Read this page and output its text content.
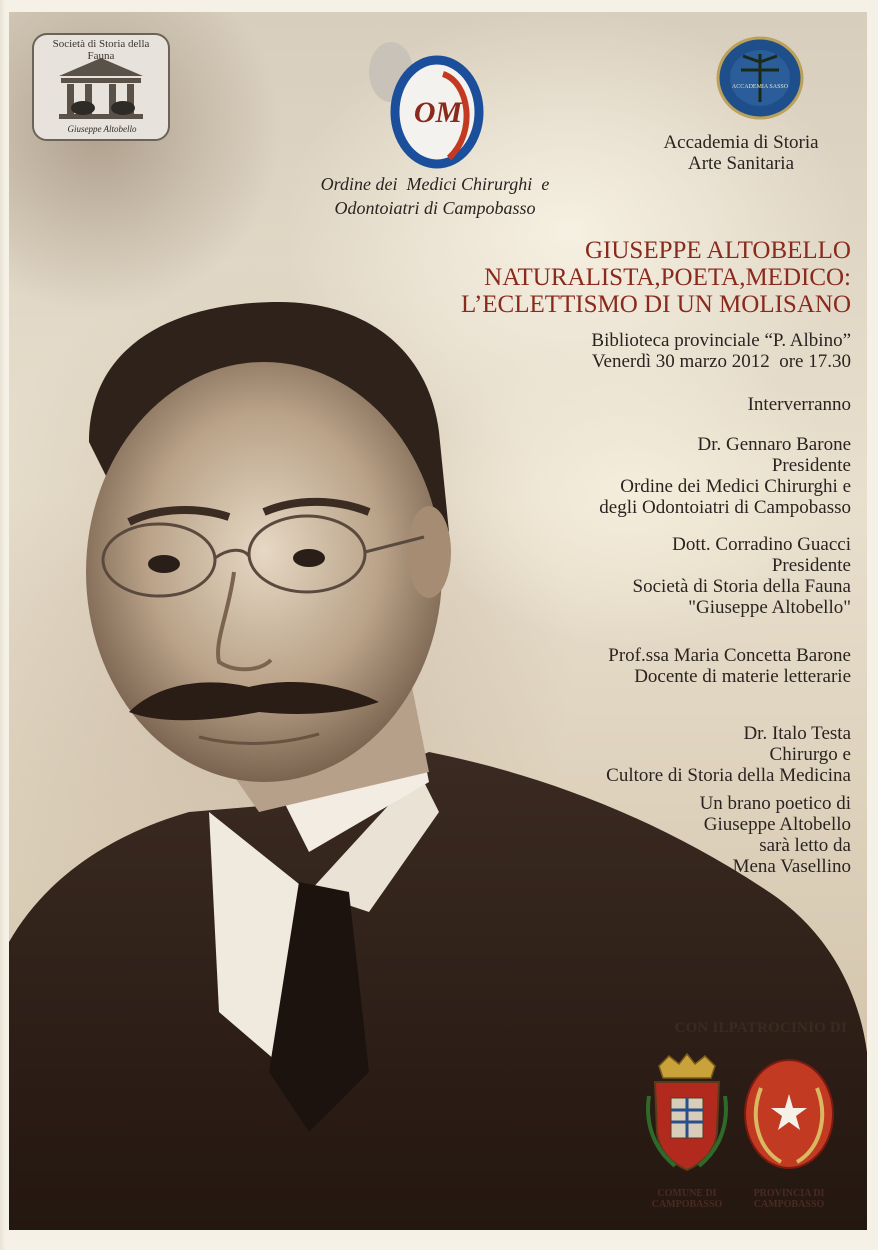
Società di Storia della Fauna
Giuseppe Altobello	OM
ACCADEMIA SASSO
Accademia di Storia
Arte Sanitaria
Ordine dei  Medici Chirurghi  e
Odontoiatri di Campobasso
GIUSEPPE ALTOBELLO
NATURALISTA,POETA,MEDICO:
L’ECLETTISMO DI UN MOLISANO
Biblioteca provinciale “P. Albino”
Venerdì 30 marzo 2012  ore 17.30
Interverranno
Dr. Gennaro Barone
Presidente
Ordine dei Medici Chirurghi e
degli Odontoiatri di Campobasso
Dott. Corradino Guacci
Presidente
Società di Storia della Fauna
"Giuseppe Altobello"
Prof.ssa Maria Concetta Barone
Docente di materie letterarie
Dr. Italo Testa
Chirurgo e
Cultore di Storia della Medicina
Un brano poetico di
Giuseppe Altobello
sarà letto da
Mena Vasellino
CON ILPATROCINIO DI
COMUNE DI
CAMPOBASSO
PROVINCIA DI
CAMPOBASSO
